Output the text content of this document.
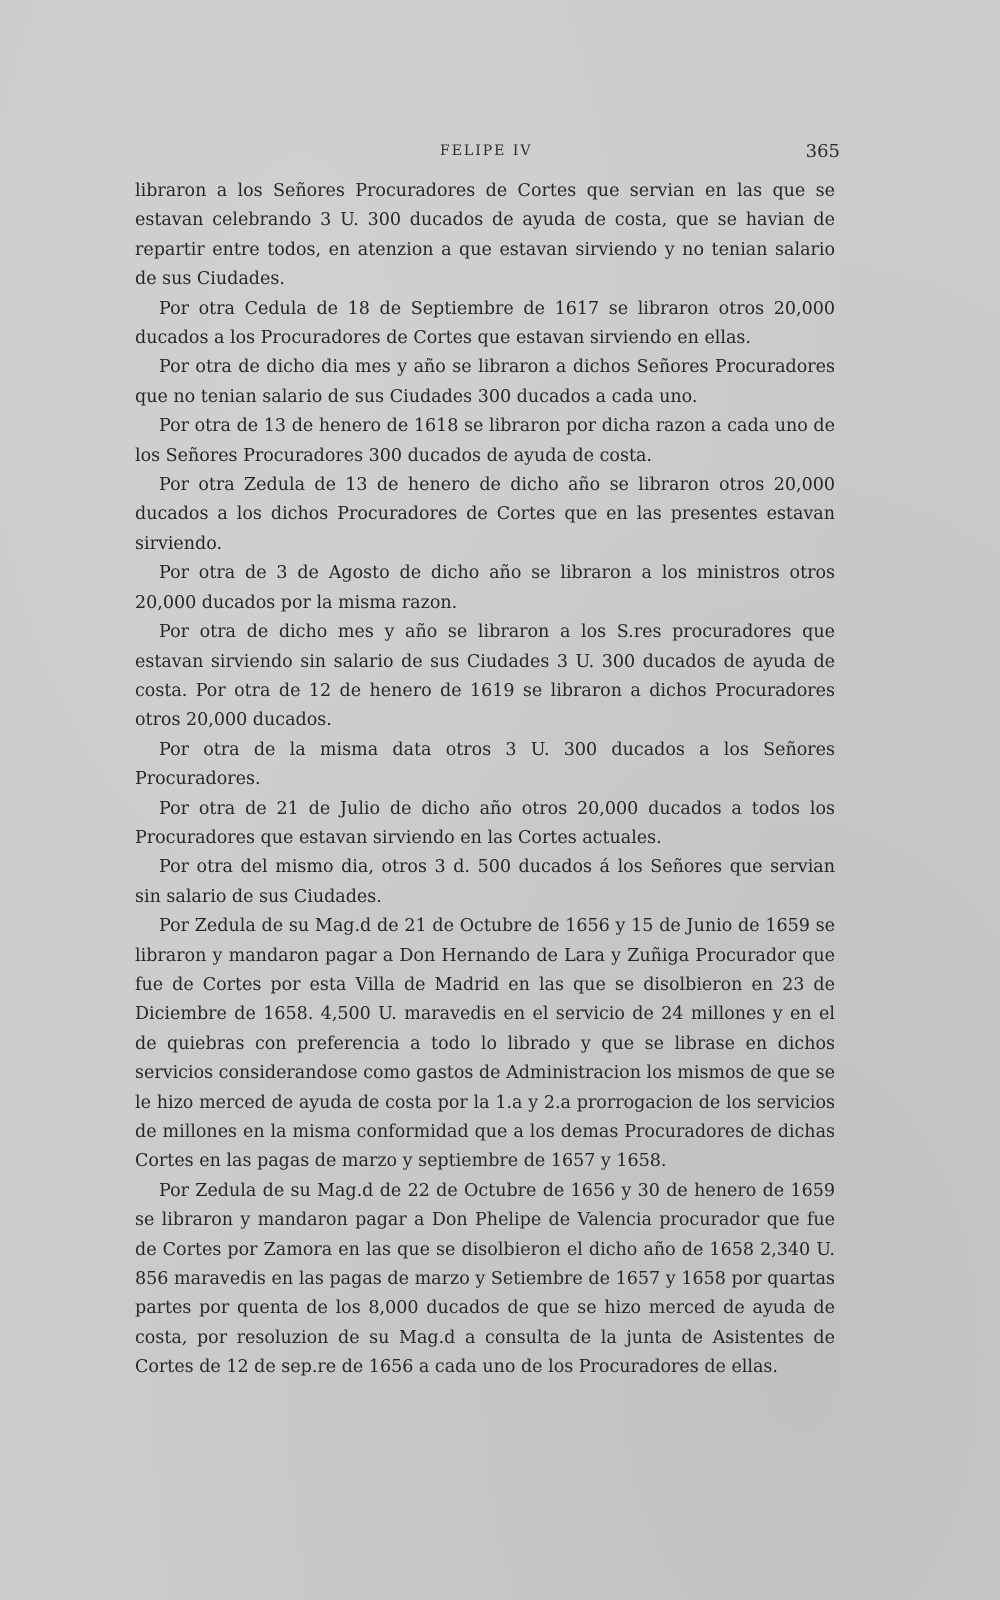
FELIPE IV	365

libraron a los Señores Procuradores de Cortes que servian en las que se estavan celebrando 3 U. 300 ducados de ayuda de costa, que se havian de repartir entre todos, en atenzion a que estavan sirviendo y no tenian salario de sus Ciudades.

Por otra Cedula de 18 de Septiembre de 1617 se libraron otros 20,000 ducados a los Procuradores de Cortes que estavan sirviendo en ellas.

Por otra de dicho dia mes y año se libraron a dichos Señores Procuradores que no tenian salario de sus Ciudades 300 ducados a cada uno.

Por otra de 13 de henero de 1618 se libraron por dicha razon a cada uno de los Señores Procuradores 300 ducados de ayuda de costa.

Por otra Zedula de 13 de henero de dicho año se libraron otros 20,000 ducados a los dichos Procuradores de Cortes que en las presentes estavan sirviendo.

Por otra de 3 de Agosto de dicho año se libraron a los ministros otros 20,000 ducados por la misma razon.

Por otra de dicho mes y año se libraron a los S.res procuradores que estavan sirviendo sin salario de sus Ciudades 3 U. 300 ducados de ayuda de costa. Por otra de 12 de henero de 1619 se libraron a dichos Procuradores otros 20,000 ducados.

Por otra de la misma data otros 3 U. 300 ducados a los Señores Procuradores.

Por otra de 21 de Julio de dicho año otros 20,000 ducados a todos los Procuradores que estavan sirviendo en las Cortes actuales.

Por otra del mismo dia, otros 3 d. 500 ducados á los Señores que servian sin salario de sus Ciudades.

Por Zedula de su Mag.d de 21 de Octubre de 1656 y 15 de Junio de 1659 se libraron y mandaron pagar a Don Hernando de Lara y Zuñiga Procurador que fue de Cortes por esta Villa de Madrid en las que se disolbieron en 23 de Diciembre de 1658. 4,500 U. maravedis en el servicio de 24 millones y en el de quiebras con preferencia a todo lo librado y que se librase en dichos servicios considerandose como gastos de Administracion los mismos de que se le hizo merced de ayuda de costa por la 1.a y 2.a prorrogacion de los servicios de millones en la misma conformidad que a los demas Procuradores de dichas Cortes en las pagas de marzo y septiembre de 1657 y 1658.

Por Zedula de su Mag.d de 22 de Octubre de 1656 y 30 de henero de 1659 se libraron y mandaron pagar a Don Phelipe de Valencia procurador que fue de Cortes por Zamora en las que se disolbieron el dicho año de 1658 2,340 U. 856 maravedis en las pagas de marzo y Setiembre de 1657 y 1658 por quartas partes por quenta de los 8,000 ducados de que se hizo merced de ayuda de costa, por resoluzion de su Mag.d a consulta de la junta de Asistentes de Cortes de 12 de sep.re de 1656 a cada uno de los Procuradores de ellas.
